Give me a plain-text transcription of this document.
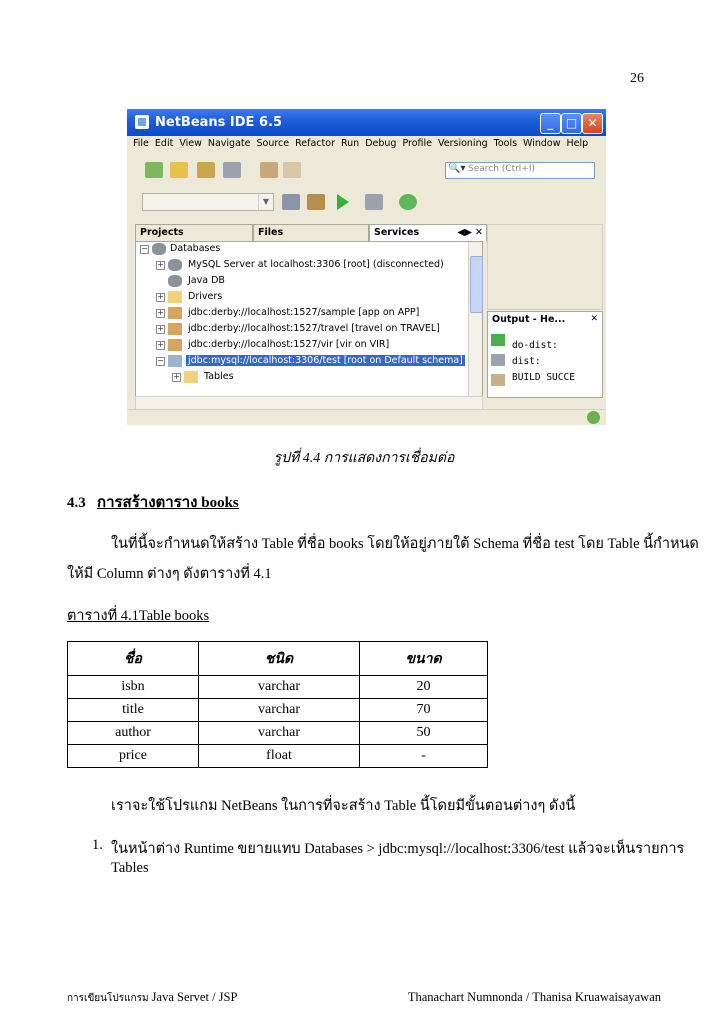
26
NetBeans IDE 6.5	_	□ ✕
File Edit View Navigate Source Refactor Run Debug Profile Versioning Tools Window Help
🔍▾ Search (Ctrl+I)
▼
Projects	Files	Services	◀▶ ✕
− Databases
+	MySQL Server at localhost:3306 [root] (disconnected)
Java DB
+	Drivers
+	jdbc:derby://localhost:1527/sample [app on APP]
+	jdbc:derby://localhost:1527/travel [travel on TRAVEL]
+	jdbc:derby://localhost:1527/vir [vir on VIR]
−	jdbc:mysql://localhost:3306/test [root on Default schema]
+	Tables
Output - He...	✕
do-dist:
dist:
BUILD SUCCE
รูปที่ 4.4 การแสดงการเชื่อมต่อ
4.3 การสร้างตาราง books
ในที่นี้จะกำหนดให้สร้าง Table ที่ชื่อ books โดยให้อยู่ภายใต้ Schema ที่ชื่อ test โดย Table นี้กำหนด
ให้มี Column ต่างๆ ดังตารางที่ 4.1
ตารางที่ 4.1Table books
ชื่อ	ชนิด	ขนาด
isbn	varchar	20
title	varchar	70
author	varchar	50
price	float	-
เราจะใช้โปรแกม NetBeans ในการที่จะสร้าง Table นี้โดยมีขั้นตอนต่างๆ ดังนี้
1. ในหน้าต่าง Runtime ขยายแทบ Databases > jdbc:mysql://localhost:3306/test แล้วจะเห็นรายการ
Tables
การเขียนโปรแกรม Java Servet / JSP	Thanachart Numnonda / Thanisa Kruawaisayawan
